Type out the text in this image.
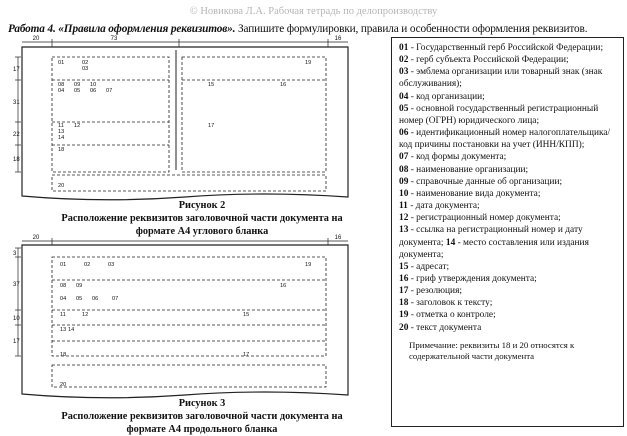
© Новикова Л.А. Рабочая тетрадь по делопроизводству
Работа 4. «Правила оформления реквизитов». Запишите формулировки, правила и особенности оформления реквизитов.
20	73	16
17
31
22
18
01	02
03
19
08 09 10	15	16
04 05 06 07
11 12	17
13
14
18
20
20	16
3
37
10
17
01	02	03	19
08 09	16
04 05 06 07
11	12	15
13 14
18	17
20
Рисунок 2
Расположение реквизитов заголовочной части документа на формате А4 углового бланка
Рисунок 3
Расположение реквизитов заголовочной части документа на формате А4 продольного бланка
01 - Государственный герб Российской Федерации;
02 - герб субъекта Российской Федерации;
03 - эмблема организации или товарный знак (знак обслуживания);
04 - код организации;
05 - основной государственный регистрационный номер (ОГРН) юридического лица;
06 - идентификационный номер налогоплательщика/код причины постановки на учет (ИНН/КПП);
07 - код формы документа;
08 - наименование организации;
09 - справочные данные об организации;
10 - наименование вида документа;
11 - дата документа;
12 - регистрационный номер документа;
13 - ссылка на регистрационный номер и дату документа; 14 - место составления или издания документа;
15 - адресат;
16 - гриф утверждения документа;
17 - резолюция;
18 - заголовок к тексту;
19 - отметка о контроле;
20 - текст документа
Примечание: реквизиты 18 и 20 относятся к содержательной части документа
